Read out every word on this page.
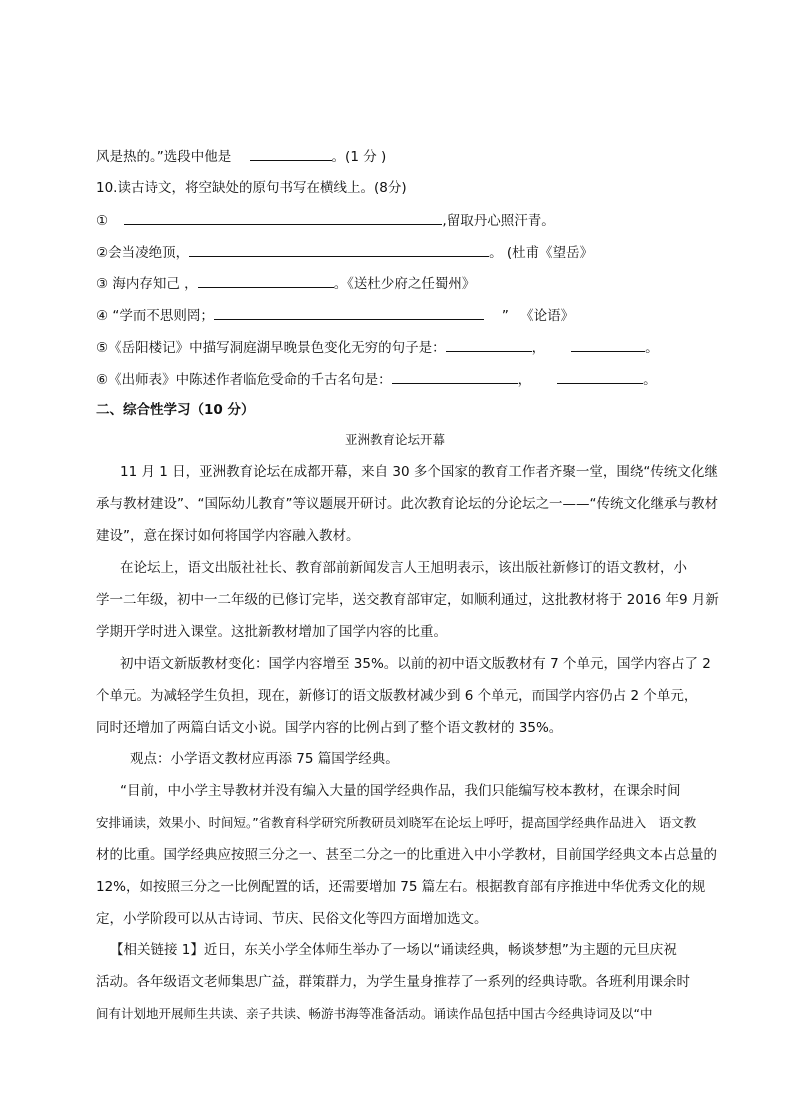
风是热的。”选段中他是	。(1 分 )
10.读古诗文，将空缺处的原句书写在横线上。(8分)
①	,留取丹心照汗青。
②会当凌绝顶，	。 (杜甫《望岳》
③ 海内存知己 ，	。《送杜少府之任蜀州》
④ “学而不思则罔；	” 《论语》
⑤《岳阳楼记》中描写洞庭湖早晚景色变化无穷的句子是：	，	。
⑥《出师表》中陈述作者临危受命的千古名句是：	，	。
二、综合性学习（10 分）
亚洲教育论坛开幕
11 月 1 日，亚洲教育论坛在成都开幕，来自 30 多个国家的教育工作者齐聚一堂，围绕“传统文化继
承与教材建设”、“国际幼儿教育”等议题展开研讨。此次教育论坛的分论坛之一——“传统文化继承与教材
建设”，意在探讨如何将国学内容融入教材。
在论坛上，语文出版社社长、教育部前新闻发言人王旭明表示，该出版社新修订的语文教材，小
学一二年级，初中一二年级的已修订完毕，送交教育部审定，如顺利通过，这批教材将于 2016 年9 月新
学期开学时进入课堂。这批新教材增加了国学内容的比重。
初中语文新版教材变化：国学内容增至 35%。以前的初中语文版教材有 7 个单元，国学内容占了 2
个单元。为减轻学生负担，现在，新修订的语文版教材减少到 6 个单元，而国学内容仍占 2 个单元，
同时还增加了两篇白话文小说。国学内容的比例占到了整个语文教材的 35%。
观点：小学语文教材应再添 75 篇国学经典。
“目前，中小学主导教材并没有编入大量的国学经典作品，我们只能编写校本教材，在课余时间
安排诵读，效果小、时间短。”省教育科学研究所教研员刘晓军在论坛上呼吁，提高国学经典作品进入　语文教
材的比重。国学经典应按照三分之一、甚至二分之一的比重进入中小学教材，目前国学经典文本占总量的
12%，如按照三分之一比例配置的话，还需要增加 75 篇左右。根据教育部有序推进中华优秀文化的规
定，小学阶段可以从古诗词、节庆、民俗文化等四方面增加选文。
【相关链接 1】近日，东关小学全体师生举办了一场以“诵读经典，畅谈梦想”为主题的元旦庆祝
活动。各年级语文老师集思广益，群策群力，为学生量身推荐了一系列的经典诗歌。各班利用课余时
间有计划地开展师生共读、亲子共读、畅游书海等准备活动。诵读作品包括中国古今经典诗词及以“中
